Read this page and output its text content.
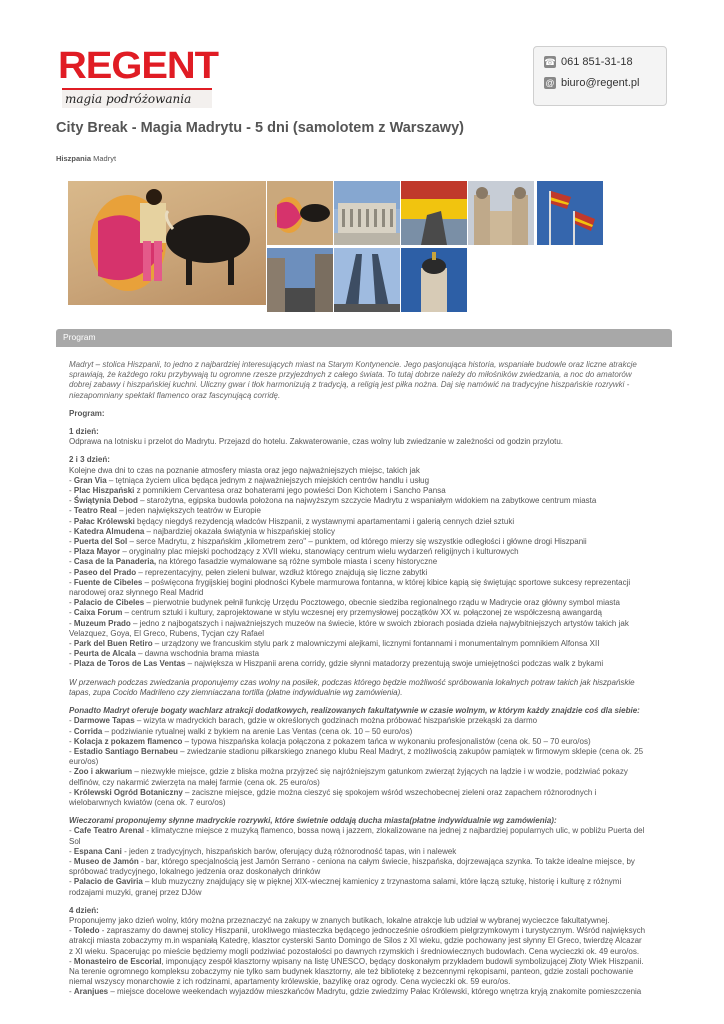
REGENT
magia podróżowania
☎ 061 851-31-18
@ biuro@regent.pl
City Break - Magia Madrytu - 5 dni (samolotem z Warszawy)
Hiszpania Madryt
Program

Madryt – stolica Hiszpanii, to jedno z najbardziej interesujących miast na Starym Kontynencie. Jego pasjonująca historia, wspaniałe budowle oraz liczne atrakcje sprawiają, że każdego roku przybywają tu ogromne rzesze przyjezdnych z całego świata. To tutaj dobrze należy do miłośników zwiedzania, a noc do amatorów dobrej zabawy i hiszpańskiej kuchni. Uliczny gwar i tłok harmonizują z tradycją, a religią jest piłka nożna. Daj się namówić na tradycyjne hiszpańskie rozrywki - niezapomniany spektakl flamenco oraz fascynującą corridę.

Program:

1 dzień:

Odprawa na lotnisku i przelot do Madrytu. Przejazd do hotelu. Zakwaterowanie, czas wolny lub zwiedzanie w zależności od godzin przylotu.

2 i 3 dzień:

Kolejne dwa dni to czas na poznanie atmosfery miasta oraz jego najważniejszych miejsc, takich jak

- Gran Via – tętniąca życiem ulica będąca jednym z najważniejszych miejskich centrów handlu i usług

- Plac Hiszpański z pomnikiem Cervantesa oraz bohaterami jego powieści Don Kichotem i Sancho Pansa

- Świątynia Debod – starożytna, egipska budowla położona na najwyższym szczycie Madrytu z wspaniałym widokiem na zabytkowe centrum miasta

- Teatro Real – jeden największych teatrów w Europie

- Pałac Królewski będący niegdyś rezydencją władców Hiszpanii, z wystawnymi apartamentami i galerią cennych dzieł sztuki

- Katedra Almudena – najbardziej okazała świątynia w hiszpańskiej stolicy

- Puerta del Sol – serce Madrytu, z hiszpańskim „kilometrem zero" – punktem, od którego mierzy się wszystkie odległości i główne drogi Hiszpanii

- Plaza Mayor – oryginalny plac miejski pochodzący z XVII wieku, stanowiący centrum wielu wydarzeń religijnych i kulturowych

- Casa de la Panaderia, na którego fasadzie wymalowane są różne symbole miasta i sceny historyczne

- Paseo del Prado – reprezentacyjny, pełen zieleni bulwar, wzdłuż którego znajdują się liczne zabytki

- Fuente de Cibeles – poświęcona frygijskiej bogini płodności Kybele marmurowa fontanna, w której kibice kąpią się świętując sportowe sukcesy reprezentacji narodowej oraz słynnego Real Madrid

- Palacio de Cibeles – pierwotnie budynek pełnił funkcję Urzędu Pocztowego, obecnie siedziba regionalnego rządu w Madrycie oraz główny symbol miasta

- Caixa Forum – centrum sztuki i kultury, zaprojektowane w stylu wczesnej ery przemysłowej początków XX w. połączonej ze współczesną awangardą

- Muzeum Prado – jedno z najbogatszych i najważniejszych muzeów na świecie, które w swoich zbiorach posiada dzieła najwybitniejszych artystów takich jak Velazquez, Goya, El Greco, Rubens, Tycjan czy Rafael

- Park del Buen Retiro – urządzony we francuskim stylu park z malowniczymi alejkami, licznymi fontannami i monumentalnym pomnikiem Alfonsa XII

- Peurta de Alcala – dawna wschodnia brama miasta

- Plaza de Toros de Las Ventas – największa w Hiszpanii arena corridy, gdzie słynni matadorzy prezentują swoje umiejętności podczas walk z bykami

W przerwach podczas zwiedzania proponujemy czas wolny na posiłek, podczas którego będzie możliwość spróbowania lokalnych potraw takich jak hiszpańskie tapas, zupa Cocido Madrileno czy ziemniaczana tortilla (płatne indywidualnie wg zamówienia).

Ponadto Madryt oferuje bogaty wachlarz atrakcji dodatkowych, realizowanych fakultatywnie w czasie wolnym, w którym każdy znajdzie coś dla siebie:

- Darmowe Tapas – wizyta w madryckich barach, gdzie w określonych godzinach można próbować hiszpańskie przekąski za darmo

- Corrida – podziwianie rytualnej walki z bykiem na arenie Las Ventas (cena ok. 10 – 50 euro/os)

- Kolacja z pokazem flamenco – typowa hiszpańska kolacja połączona z pokazem tańca w wykonaniu profesjonalistów (cena ok. 50 – 70 euro/os)

- Estadio Santiago Bernabeu – zwiedzanie stadionu piłkarskiego znanego klubu Real Madryt, z możliwością zakupów pamiątek w firmowym sklepie (cena ok. 25 euro/os)

- Zoo i akwarium – niezwykłe miejsce, gdzie z bliska można przyjrzeć się najróżniejszym gatunkom zwierząt żyjących na lądzie i w wodzie, podziwiać pokazy delfinów, czy nakarmić zwierzęta na małej farmie (cena ok. 25 euro/os)

- Królewski Ogród Botaniczny – zaciszne miejsce, gdzie można cieszyć się spokojem wśród wszechobecnej zieleni oraz zapachem różnorodnych i wielobarwnych kwiatów (cena ok. 7 euro/os)

Wieczorami proponujemy słynne madryckie rozrywki, które świetnie oddają ducha miasta(płatne indywidualnie wg zamówienia):

- Cafe Teatro Arenal - klimatyczne miejsce z muzyką flamenco, bossa nową i jazzem, zlokalizowane na jednej z najbardziej popularnych ulic, w pobliżu Puerta del Sol

- Espana Cani - jeden z tradycyjnych, hiszpańskich barów, oferujący dużą różnorodność tapas, win i nalewek

- Museo de Jamón - bar, którego specjalnością jest Jamón Serrano - ceniona na całym świecie, hiszpańska, dojrzewająca szynka. To także idealne miejsce, by spróbować tradycyjnego, lokalnego jedzenia oraz doskonałych drinków

- Palacio de Gaviria – klub muzyczny znajdujący się w pięknej XIX-wiecznej kamienicy z trzynastoma salami, które łączą sztukę, historię i kulturę z różnymi rodzajami muzyki, granej przez DJów

4 dzień:

Proponujemy jako dzień wolny, który można przeznaczyć na zakupy w znanych butikach, lokalne atrakcje lub udział w wybranej wycieczce fakultatywnej.

- Toledo - zapraszamy do dawnej stolicy Hiszpanii, urokliwego miasteczka będącego jednocześnie ośrodkiem pielgrzymkowym i turystycznym. Wśród najwięksych atrakcji miasta zobaczymy m.in wspaniałą Katedrę, klasztor cysterski Santo Domingo de Silos z XI wieku, gdzie pochowany jest słynny El Greco, twierdzę Alcazar z XI wieku. Spacerując po mieście będziemy mogli podziwiać pozostałości po dawnych rzymskich i średniowiecznych budowlach. Cena wycieczki ok. 49 euro/os.

- Monasteiro de Escorial, imponujący zespół klasztorny wpisany na listę UNESCO, będący doskonałym przykładem budowli symbolizującej Złoty Wiek Hiszpanii. Na terenie ogromnego kompleksu zobaczymy nie tylko sam budynek klasztorny, ale też bibliotekę z bezcennymi rękopisami, panteon, gdzie zostali pochowanie niemal wszyscy monarchowie z ich rodzinami, apartamenty królewskie, bazylikę oraz ogrody. Cena wycieczki ok. 59 euro/os.

- Aranjues – miejsce docelowe weekendach wyjazdów mieszkańców Madrytu, gdzie zwiedzimy Pałac Królewski, którego wnętrza kryją znakomite pomieszczenia
